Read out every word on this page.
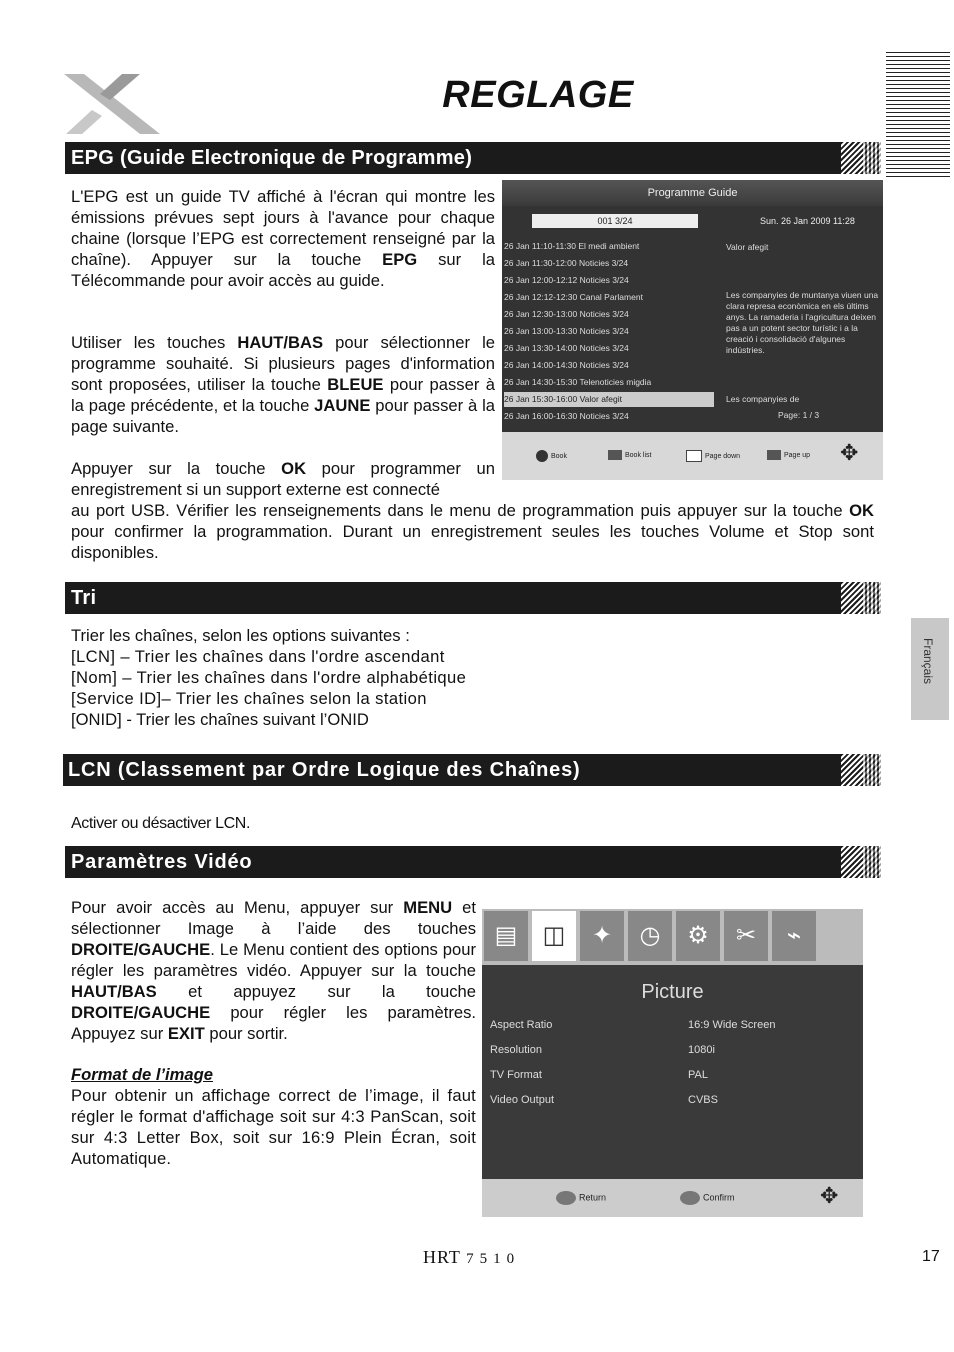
REGLAGE
EPG (Guide Electronique de Programme)

L'EPG est un guide TV affiché à l'écran qui montre les émissions prévues sept jours à l'avance pour chaque chaine (lorsque l’EPG est correctement renseigné par la chaîne). Appuyer sur la touche EPG sur la Télécommande pour avoir accès au guide.

Utiliser les touches HAUT/BAS pour sélectionner le programme souhaité. Si plusieurs pages d'information sont proposées, utiliser la touche BLEUE pour passer à la page précédente, et la touche JAUNE pour passer à la page suivante.

Appuyer sur la touche OK pour programmer un enregistrement si un support externe est connecté

au port USB. Vérifier les renseignements dans le menu de programmation puis appuyer sur la touche OK pour confirmer la programmation. Durant un enregistrement seules les touches Volume et Stop sont disponibles.

Programme Guide
001 3/24	Sun. 26 Jan 2009 11:28
26 Jan 11:10-11:30 El medi ambient
26 Jan 11:30-12:00 Noticies 3/24
26 Jan 12:00-12:12 Noticies 3/24
26 Jan 12:12-12:30 Canal Parlament
26 Jan 12:30-13:00 Noticies 3/24
26 Jan 13:00-13:30 Noticies 3/24
26 Jan 13:30-14:00 Noticies 3/24
26 Jan 14:00-14:30 Noticies 3/24
26 Jan 14:30-15:30 Telenoticies migdia
26 Jan 15:30-16:00 Valor afegit
26 Jan 16:00-16:30 Noticies 3/24
Valor afegit
Les companyies de muntanya viuen una clara represa econòmica en els últims anys. La ramaderia i l'agricultura deixen pas a un potent sector turístic i a la creació i consolidació d'algunes indústries.
Les companyies de
Page: 1 / 3
Book	Book list	Page down	Page up ✥
Tri

Trier les chaînes, selon les options suivantes :

[LCN] – Trier les chaînes dans l'ordre ascendant

[Nom] – Trier les chaînes dans l'ordre alphabétique

[Service ID]– Trier les chaînes selon la station

[ONID] - Trier les chaînes suivant l’ONID

LCN (Classement par Ordre Logique des Chaînes)
Activer ou désactiver LCN.
Paramètres Vidéo

Pour avoir accès au Menu, appuyer sur MENU et sélectionner Image à l’aide des touches DROITE/GAUCHE. Le Menu contient des options pour régler les paramètres vidéo. Appuyer sur la touche HAUT/BAS et appuyez sur la touche DROITE/GAUCHE pour régler les paramètres. Appuyez sur EXIT pour sortir.

Format de l’image
Pour obtenir un affichage correct de l’image, il faut régler le format d'affichage soit sur 4:3 PanScan, soit sur 4:3 Letter Box, soit sur 16:9 Plein Écran, soit Automatique.
▤	◫	✦	◷	⚙	✂	⌁
Picture
Aspect Ratio	16:9 Wide Screen
Resolution	1080i
TV Format	PAL
Video Output	CVBS
Return	Confirm	✥
Français
HRT 7510	17
